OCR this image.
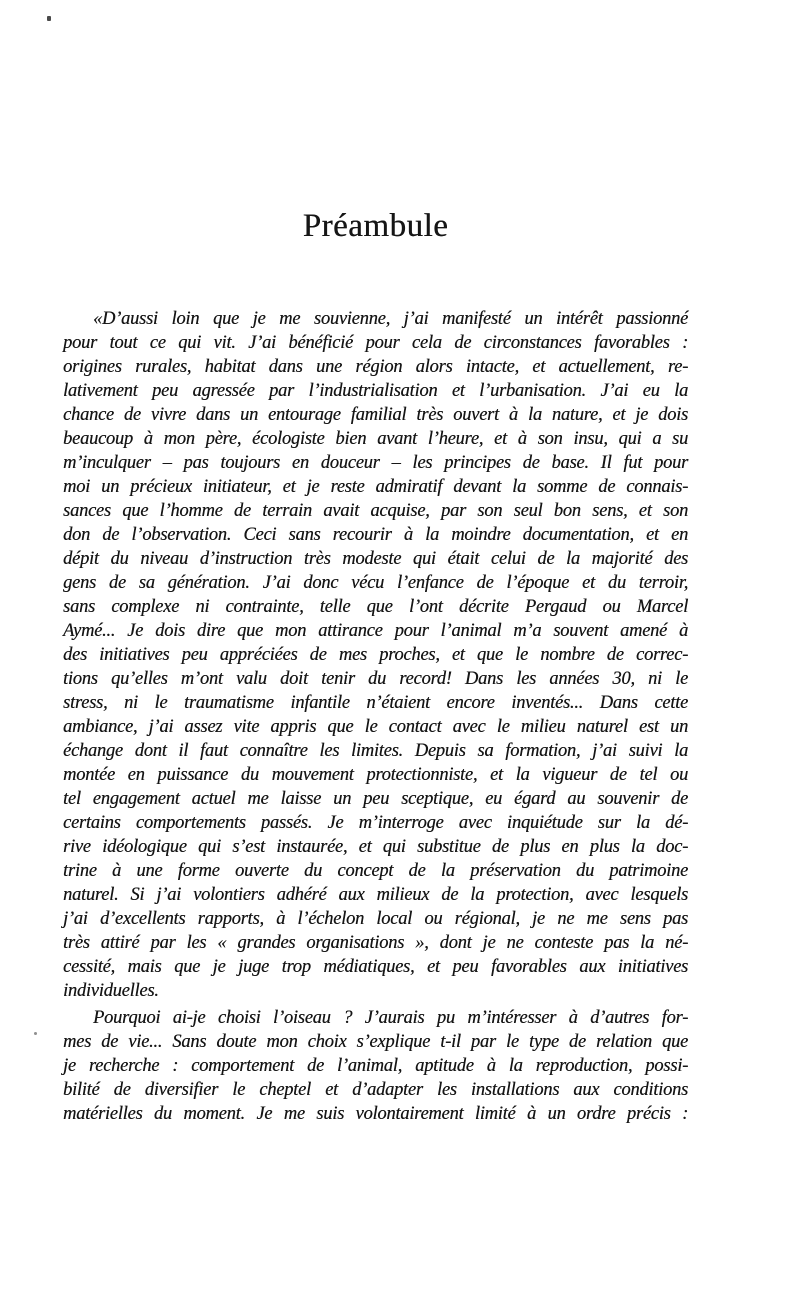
Préambule
«D’aussi loin que je me souvienne, j’ai manifesté un intérêt passionné
pour tout ce qui vit. J’ai bénéficié pour cela de circonstances favorables :
origines rurales, habitat dans une région alors intacte, et actuellement, re-
lativement peu agressée par l’industrialisation et l’urbanisation. J’ai eu la
chance de vivre dans un entourage familial très ouvert à la nature, et je dois
beaucoup à mon père, écologiste bien avant l’heure, et à son insu, qui a su
m’inculquer – pas toujours en douceur – les principes de base. Il fut pour
moi un précieux initiateur, et je reste admiratif devant la somme de connais-
sances que l’homme de terrain avait acquise, par son seul bon sens, et son
don de l’observation. Ceci sans recourir à la moindre documentation, et en
dépit du niveau d’instruction très modeste qui était celui de la majorité des
gens de sa génération. J’ai donc vécu l’enfance de l’époque et du terroir,
sans complexe ni contrainte, telle que l’ont décrite Pergaud ou Marcel
Aymé... Je dois dire que mon attirance pour l’animal m’a souvent amené à
des initiatives peu appréciées de mes proches, et que le nombre de correc-
tions qu’elles m’ont valu doit tenir du record! Dans les années 30, ni le
stress, ni le traumatisme infantile n’étaient encore inventés... Dans cette
ambiance, j’ai assez vite appris que le contact avec le milieu naturel est un
échange dont il faut connaître les limites. Depuis sa formation, j’ai suivi la
montée en puissance du mouvement protectionniste, et la vigueur de tel ou
tel engagement actuel me laisse un peu sceptique, eu égard au souvenir de
certains comportements passés. Je m’interroge avec inquiétude sur la dé-
rive idéologique qui s’est instaurée, et qui substitue de plus en plus la doc-
trine à une forme ouverte du concept de la préservation du patrimoine
naturel. Si j’ai volontiers adhéré aux milieux de la protection, avec lesquels
j’ai d’excellents rapports, à l’échelon local ou régional, je ne me sens pas
très attiré par les « grandes organisations », dont je ne conteste pas la né-
cessité, mais que je juge trop médiatiques, et peu favorables aux initiatives
individuelles.
Pourquoi ai-je choisi l’oiseau ? J’aurais pu m’intéresser à d’autres for-
mes de vie... Sans doute mon choix s’explique t-il par le type de relation que
je recherche : comportement de l’animal, aptitude à la reproduction, possi-
bilité de diversifier le cheptel et d’adapter les installations aux conditions
matérielles du moment. Je me suis volontairement limité à un ordre précis :
